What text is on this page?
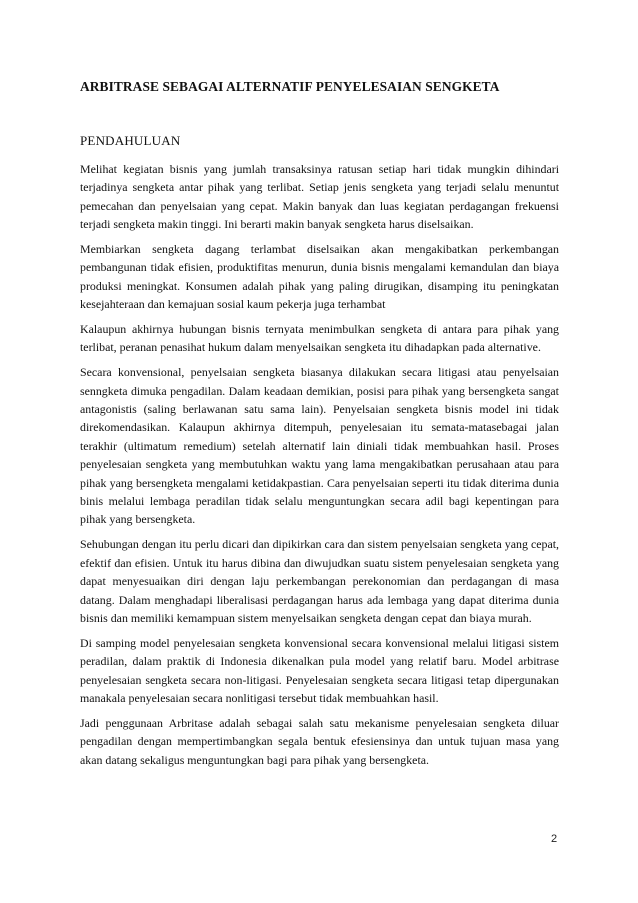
ARBITRASE SEBAGAI ALTERNATIF PENYELESAIAN SENGKETA
PENDAHULUAN

Melihat kegiatan bisnis yang jumlah transaksinya ratusan setiap hari tidak mungkin dihindari terjadinya sengketa antar pihak yang terlibat. Setiap jenis sengketa yang terjadi selalu menuntut pemecahan dan penyelsaian yang cepat. Makin banyak dan luas kegiatan perdagangan frekuensi terjadi sengketa makin tinggi. Ini berarti makin banyak sengketa harus diselsaikan.

Membiarkan sengketa dagang terlambat diselsaikan akan mengakibatkan perkembangan pembangunan tidak efisien, produktifitas menurun, dunia bisnis mengalami kemandulan dan biaya produksi meningkat. Konsumen adalah pihak yang paling dirugikan, disamping itu peningkatan kesejahteraan dan kemajuan sosial kaum pekerja juga terhambat

Kalaupun akhirnya hubungan bisnis ternyata menimbulkan sengketa di antara para pihak yang terlibat, peranan penasihat hukum dalam menyelsaikan sengketa itu dihadapkan pada alternative.

Secara konvensional, penyelsaian sengketa biasanya dilakukan secara litigasi atau penyelsaian senngketa dimuka pengadilan. Dalam keadaan demikian, posisi para pihak yang bersengketa sangat antagonistis (saling berlawanan satu sama lain). Penyelsaian sengketa bisnis model ini tidak direkomendasikan. Kalaupun akhirnya ditempuh, penyelesaian itu semata-matasebagai jalan terakhir (ultimatum remedium) setelah alternatif lain diniali tidak membuahkan hasil. Proses penyelesaian sengketa yang membutuhkan waktu yang lama mengakibatkan perusahaan atau para pihak yang bersengketa mengalami ketidakpastian. Cara penyelsaian seperti itu tidak diterima dunia binis melalui lembaga peradilan tidak selalu menguntungkan secara adil bagi kepentingan para pihak yang bersengketa.

Sehubungan dengan itu perlu dicari dan dipikirkan cara dan sistem penyelsaian sengketa yang cepat, efektif dan efisien. Untuk itu harus dibina dan diwujudkan suatu sistem penyelesaian sengketa yang dapat menyesuaikan diri dengan laju perkembangan perekonomian dan perdagangan di masa datang. Dalam menghadapi liberalisasi perdagangan harus ada lembaga yang dapat diterima dunia bisnis dan memiliki kemampuan sistem menyelsaikan sengketa dengan cepat dan biaya murah.

Di samping model penyelesaian sengketa konvensional secara konvensional melalui litigasi sistem peradilan, dalam praktik di Indonesia dikenalkan pula model yang relatif baru. Model arbitrase penyelesaian sengketa secara non-litigasi. Penyelesaian sengketa secara litigasi tetap dipergunakan manakala penyelesaian secara nonlitigasi tersebut tidak membuahkan hasil.

Jadi penggunaan Arbritase adalah sebagai salah satu mekanisme penyelesaian sengketa diluar pengadilan dengan mempertimbangkan segala bentuk efesiensinya dan untuk tujuan masa yang akan datang sekaligus menguntungkan bagi para pihak yang bersengketa.

2
